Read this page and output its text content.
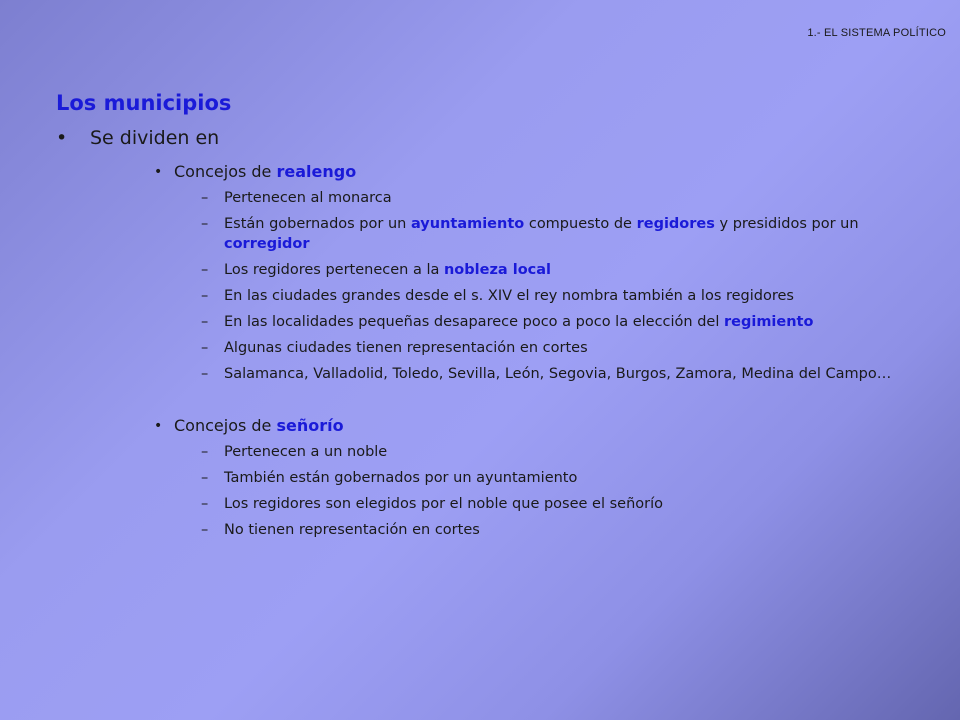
1.- EL SISTEMA POLÍTICO
Los municipios
• Se dividen en
• Concejos de realengo
– Pertenecen al monarca
– Están gobernados por un ayuntamiento compuesto de regidores y presididos por un corregidor
– Los regidores pertenecen a la nobleza local
– En las ciudades grandes desde el s. XIV el rey nombra también a los regidores
– En las localidades pequeñas desaparece poco a poco la elección del regimiento
– Algunas ciudades tienen representación en cortes
– Salamanca, Valladolid, Toledo, Sevilla, León, Segovia, Burgos, Zamora, Medina del Campo…
• Concejos de señorío
– Pertenecen a un noble
– También están gobernados por un ayuntamiento
– Los regidores son elegidos por el noble que posee el señorío
– No tienen representación en cortes
